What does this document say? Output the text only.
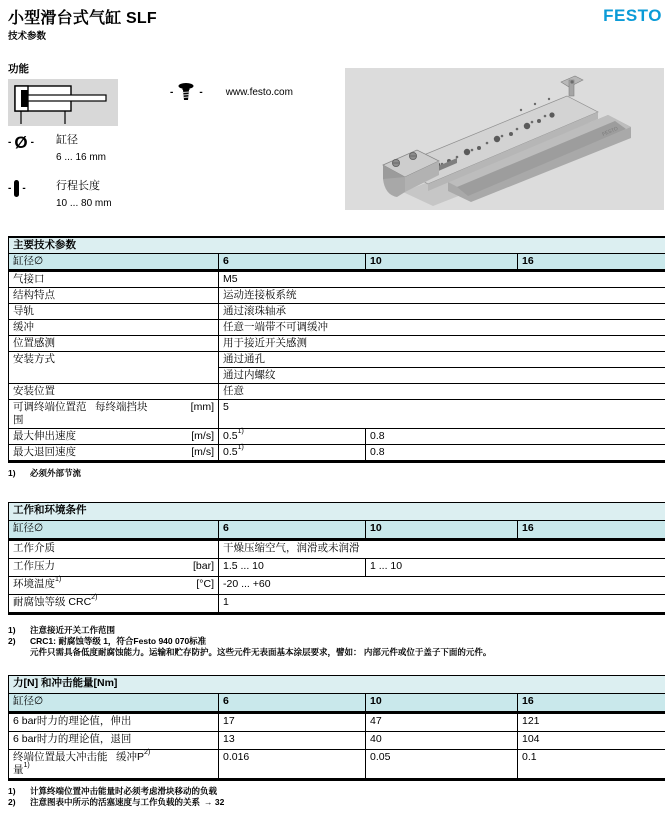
小型滑台式气缸 SLF
技术参数
FESTO
功能
-	- www.festo.com
- Ø - 缸径
6 ... 16 mm
- -	行程长度
10 ... 80 mm
FESTO
主要技术参数			
缸径∅	6	10	16
气接口	M5		
结构特点	运动连接板系统		
导轨	通过滚珠轴承		
缓冲	任意一端带不可调缓冲		
位置感测	用于接近开关感测		
安装方式	通过通孔		
	通过内螺纹		
安装位置	任意		

可调终端位置范围
每终端挡块 [mm]	5		

最大伸出速度 [m/s]	0.5$^{1)}$	0.8	

最大退回速度 [m/s]	0.5$^{1)}$	0.8	
1)	必须外部节流
工作和环境条件			
缸径∅	6	10	16
工作介质	干燥压缩空气，润滑或未润滑		

工作压力 [bar]	1.5 ... 10	1 ... 10	

环境温度$^{1)}$ [°C]	-20 ... +60		
耐腐蚀等级 CRC$^{2)}$	1		
1)	注意接近开关工作范围
2)	CRC1: 耐腐蚀等级 1，符合Festo 940 070标准
元件只需具备低度耐腐蚀能力。运输和贮存防护。这些元件无表面基本涂层要求，譬如： 内部元件或位于盖子下面的元件。
力[N] 和冲击能量[Nm]			
缸径∅	6	10	16
6 bar时力的理论值，伸出	17	47	121
6 bar时力的理论值，退回	13	40	104

终端位置最大冲击能量$^{1)}$
缓冲$P^{2)}$	0.016	0.05	0.1
1)	计算终端位置冲击能量时必须考虑滑块移动的负载
2)	注意图表中所示的活塞速度与工作负载的关系 → 32
